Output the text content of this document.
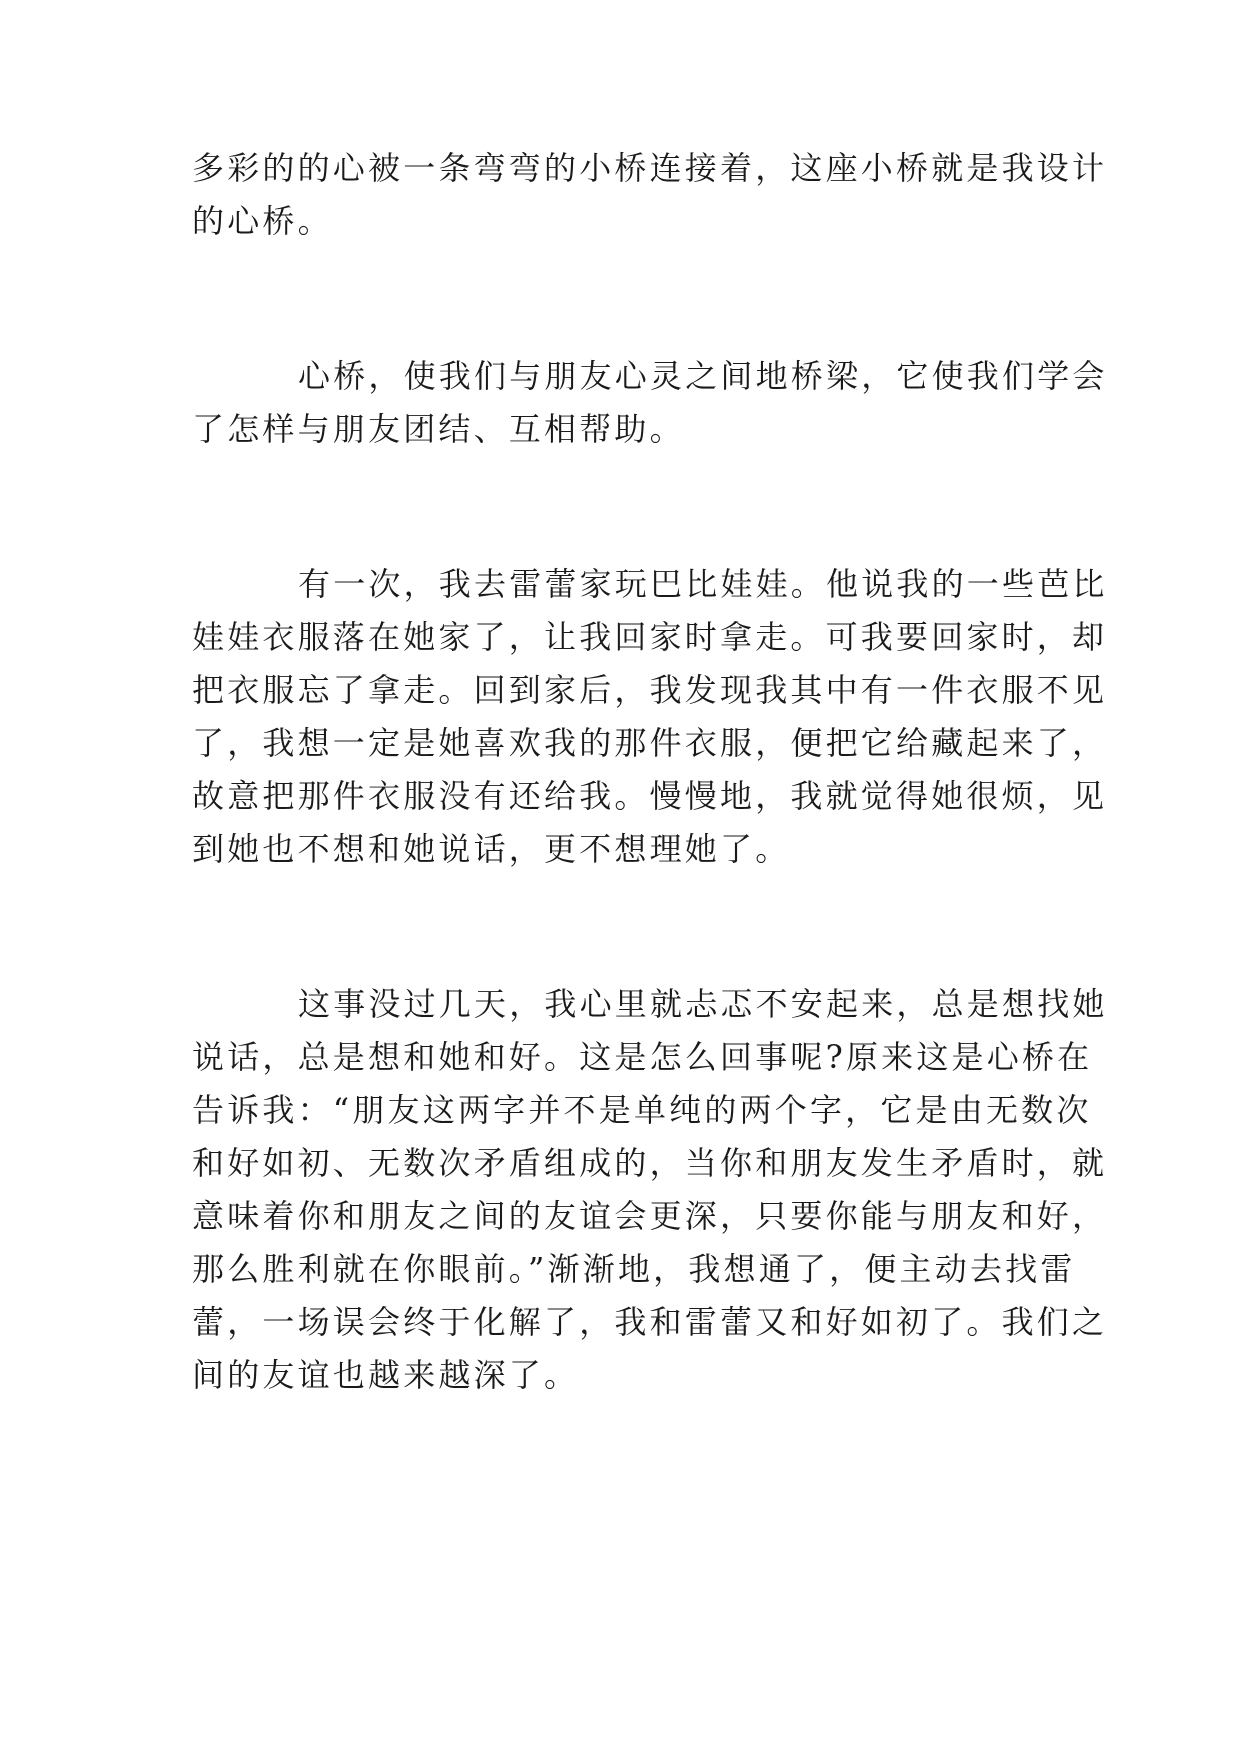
多彩的的心被一条弯弯的小桥连接着，这座小桥就是我设计
的心桥。
心桥，使我们与朋友心灵之间地桥梁，它使我们学会
了怎样与朋友团结、互相帮助。
有一次，我去雷蕾家玩巴比娃娃。他说我的一些芭比
娃娃衣服落在她家了，让我回家时拿走。可我要回家时，却
把衣服忘了拿走。回到家后，我发现我其中有一件衣服不见
了，我想一定是她喜欢我的那件衣服，便把它给藏起来了，
故意把那件衣服没有还给我。慢慢地，我就觉得她很烦，见
到她也不想和她说话，更不想理她了。
这事没过几天，我心里就忐忑不安起来，总是想找她
说话，总是想和她和好。这是怎么回事呢?原来这是心桥在
告诉我：“朋友这两字并不是单纯的两个字，它是由无数次
和好如初、无数次矛盾组成的，当你和朋友发生矛盾时，就
意味着你和朋友之间的友谊会更深，只要你能与朋友和好，
那么胜利就在你眼前。”渐渐地，我想通了，便主动去找雷
蕾，一场误会终于化解了，我和雷蕾又和好如初了。我们之
间的友谊也越来越深了。
